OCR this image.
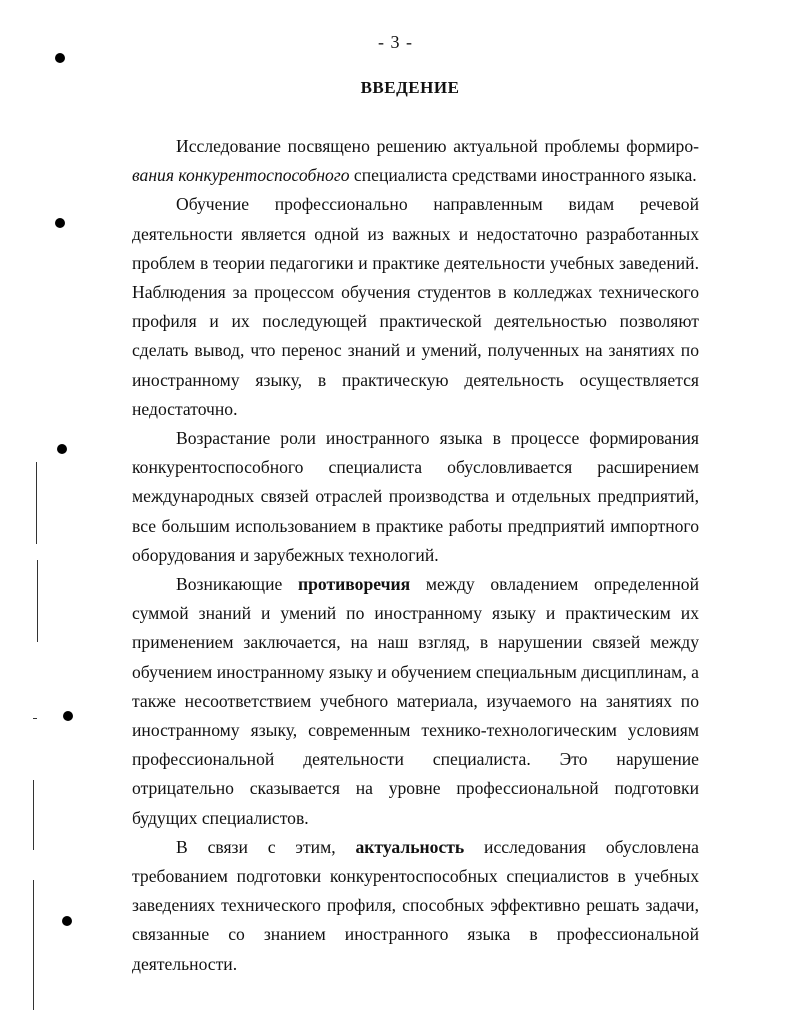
- 3 -
ВВЕДЕНИЕ

Исследование посвящено решению актуальной проблемы формиро-вания конкурентоспособного специалиста средствами иностранного языка.

Обучение профессионально направленным видам речевой деятельности является одной из важных и недостаточно разработанных проблем в теории педагогики и практике деятельности учебных заведений. Наблюдения за процессом обучения студентов в колледжах технического профиля и их последующей практической деятельностью позволяют сделать вывод, что перенос знаний и умений, полученных на занятиях по иностранному языку, в практическую деятельность осуществляется недостаточно.

Возрастание роли иностранного языка в процессе формирования конкурентоспособного специалиста обусловливается расширением международных связей отраслей производства и отдельных предприятий, все большим использованием в практике работы предприятий импортного оборудования и зарубежных технологий.

Возникающие противоречия между овладением определенной суммой знаний и умений по иностранному языку и практическим их применением заключается, на наш взгляд, в нарушении связей между обучением иностранному языку и обучением специальным дисциплинам, а также несоответствием учебного материала, изучаемого на занятиях по иностранному языку, современным технико-технологическим условиям профессиональной деятельности специалиста. Это нарушение отрицательно сказывается на уровне профессиональной подготовки будущих специалистов.

В связи с этим, актуальность исследования обусловлена требованием подготовки конкурентоспособных специалистов в учебных заведениях технического профиля, способных эффективно решать задачи, связанные со знанием иностранного языка в профессиональной деятельности.
